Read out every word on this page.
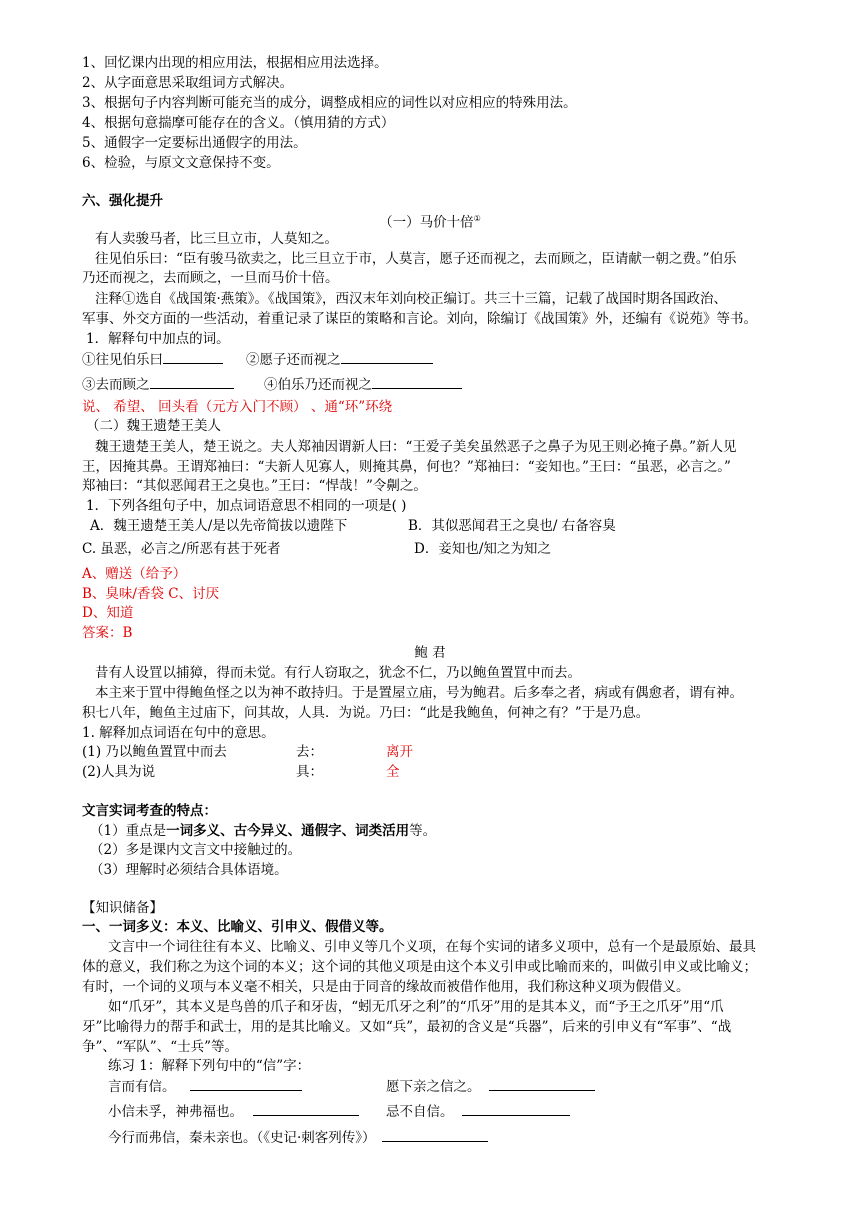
1、回忆课内出现的相应用法，根据相应用法选择。
2、从字面意思采取组词方式解决。
3、根据句子内容判断可能充当的成分，调整成相应的词性以对应相应的特殊用法。
4、根据句意揣摩可能存在的含义。（慎用猜的方式）
5、通假字一定要标出通假字的用法。
6、检验，与原文文意保持不变。
六、强化提升
（一）马价十倍①
有人卖骏马者，比三旦立市，人莫知之。
往见伯乐曰：“臣有骏马欲卖之，比三旦立于市，人莫言，愿子还而视之，去而顾之，臣请献一朝之费。”伯乐
乃还而视之，去而顾之，一旦而马价十倍。
注释①选自《战国策·燕策》。《战国策》，西汉末年刘向校正编订。共三十三篇，记载了战国时期各国政治、
军事、外交方面的一些活动，着重记录了谋臣的策略和言论。刘向，除编订《战国策》外，还编有《说苑》等书。
1．解释句中加点的词。
①往见伯乐曰	②愿子还而视之
③去而顾之	④伯乐乃还而视之
说、 希望、 回头看（元方入门不顾） 、通“环”环绕
（二）魏王遗楚王美人
魏王遗楚王美人，楚王说之。夫人郑袖因谓新人曰：“王爱子美矣虽然恶子之鼻子为见王则必掩子鼻。”新人见
王，因掩其鼻。王谓郑袖曰：“夫新人见寡人，则掩其鼻，何也？”郑袖曰：“妾知也。”王曰：“虽恶，必言之。”
郑袖曰：“其似恶闻君王之臭也。”王曰：“悍哉！”令劓之。
1．下列各组句子中，加点词语意思不相同的一项是( )
A．魏王遗楚王美人/是以先帝简拔以遗陛下	B．其似恶闻君王之臭也/ 右备容臭
C. 虽恶，必言之/所恶有甚于死者	D．妾知也/知之为知之
A、赠送（给予）
B、臭味/香袋 C、讨厌
D、知道
答案：B
鲍 君
昔有人设罝以捕獐，得而未觉。有行人窃取之，犹念不仁，乃以鲍鱼置罝中而去。
本主来于罝中得鲍鱼怪之以为神不敢持归。于是置屋立庙，号为鲍君。后多奉之者，病或有偶愈者，谓有神。
积七八年，鲍鱼主过庙下，问其故，人具．为说。乃曰：“此是我鲍鱼，何神之有？”于是乃息。
1. 解释加点词语在句中的意思。
(1) 乃以鲍鱼置罝中而去	去：	离开
(2)人具为说	具：	全
文言实词考查的特点：
（1）重点是一词多义、古今异义、通假字、词类活用等。
（2）多是课内文言文中接触过的。
（3）理解时必须结合具体语境。
【知识储备】
一、一词多义：本义、比喻义、引申义、假借义等。
文言中一个词往往有本义、比喻义、引申义等几个义项，在每个实词的诸多义项中，总有一个是最原始、最具
体的意义，我们称之为这个词的本义；这个词的其他义项是由这个本义引申或比喻而来的，叫做引申义或比喻义；
有时，一个词的义项与本义毫不相关，只是由于同音的缘故而被借作他用，我们称这种义项为假借义。
如“爪牙”，其本义是鸟兽的爪子和牙齿，“蚓无爪牙之利”的“爪牙”用的是其本义，而“予王之爪牙”用“爪
牙”比喻得力的帮手和武士，用的是其比喻义。又如“兵”，最初的含义是“兵器”，后来的引申义有“军事”、“战
争”、“军队”、“士兵”等。
练习 1：解释下列句中的“信”字：
言而有信。	愿下亲之信之。
小信未孚，神弗福也。	忌不自信。
今行而弗信，秦未亲也。（《史记·刺客列传》）
